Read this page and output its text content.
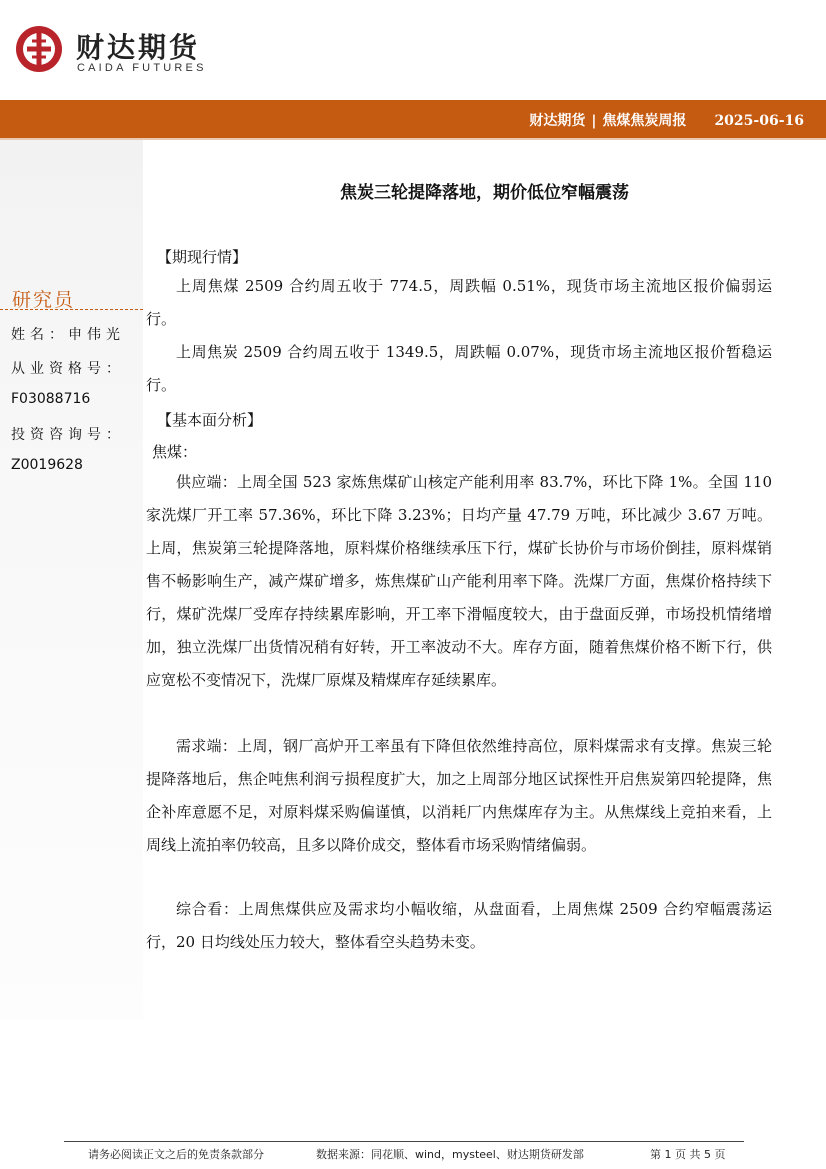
财达期货
CAIDA FUTURES
财达期货 | 焦煤焦炭周报 2025-06-16
研究员
姓名：申伟光
从业资格号：
F03088716
投资咨询号：
Z0019628
焦炭三轮提降落地，期价低位窄幅震荡
【期现行情】
上周焦煤 2509 合约周五收于 774.5，周跌幅 0.51%，现货市场主流地区报价偏弱运行。
上周焦炭 2509 合约周五收于 1349.5，周跌幅 0.07%，现货市场主流地区报价暂稳运行。
【基本面分析】
焦煤：
供应端：上周全国 523 家炼焦煤矿山核定产能利用率 83.7%，环比下降 1%。全国 110 家洗煤厂开工率 57.36%，环比下降 3.23%；日均产量 47.79 万吨，环比减少 3.67 万吨。上周，焦炭第三轮提降落地，原料煤价格继续承压下行，煤矿长协价与市场价倒挂，原料煤销售不畅影响生产，减产煤矿增多，炼焦煤矿山产能利用率下降。洗煤厂方面，焦煤价格持续下行，煤矿洗煤厂受库存持续累库影响，开工率下滑幅度较大，由于盘面反弹，市场投机情绪增加，独立洗煤厂出货情况稍有好转，开工率波动不大。库存方面，随着焦煤价格不断下行，供应宽松不变情况下，洗煤厂原煤及精煤库存延续累库。
需求端：上周，钢厂高炉开工率虽有下降但依然维持高位，原料煤需求有支撑。焦炭三轮提降落地后，焦企吨焦利润亏损程度扩大，加之上周部分地区试探性开启焦炭第四轮提降，焦企补库意愿不足，对原料煤采购偏谨慎，以消耗厂内焦煤库存为主。从焦煤线上竞拍来看，上周线上流拍率仍较高，且多以降价成交，整体看市场采购情绪偏弱。
综合看：上周焦煤供应及需求均小幅收缩，从盘面看，上周焦煤 2509 合约窄幅震荡运行，20 日均线处压力较大，整体看空头趋势未变。
请务必阅读正文之后的免责条款部分	数据来源：同花顺、wind，mysteel、财达期货研发部	第 1 页 共 5 页
